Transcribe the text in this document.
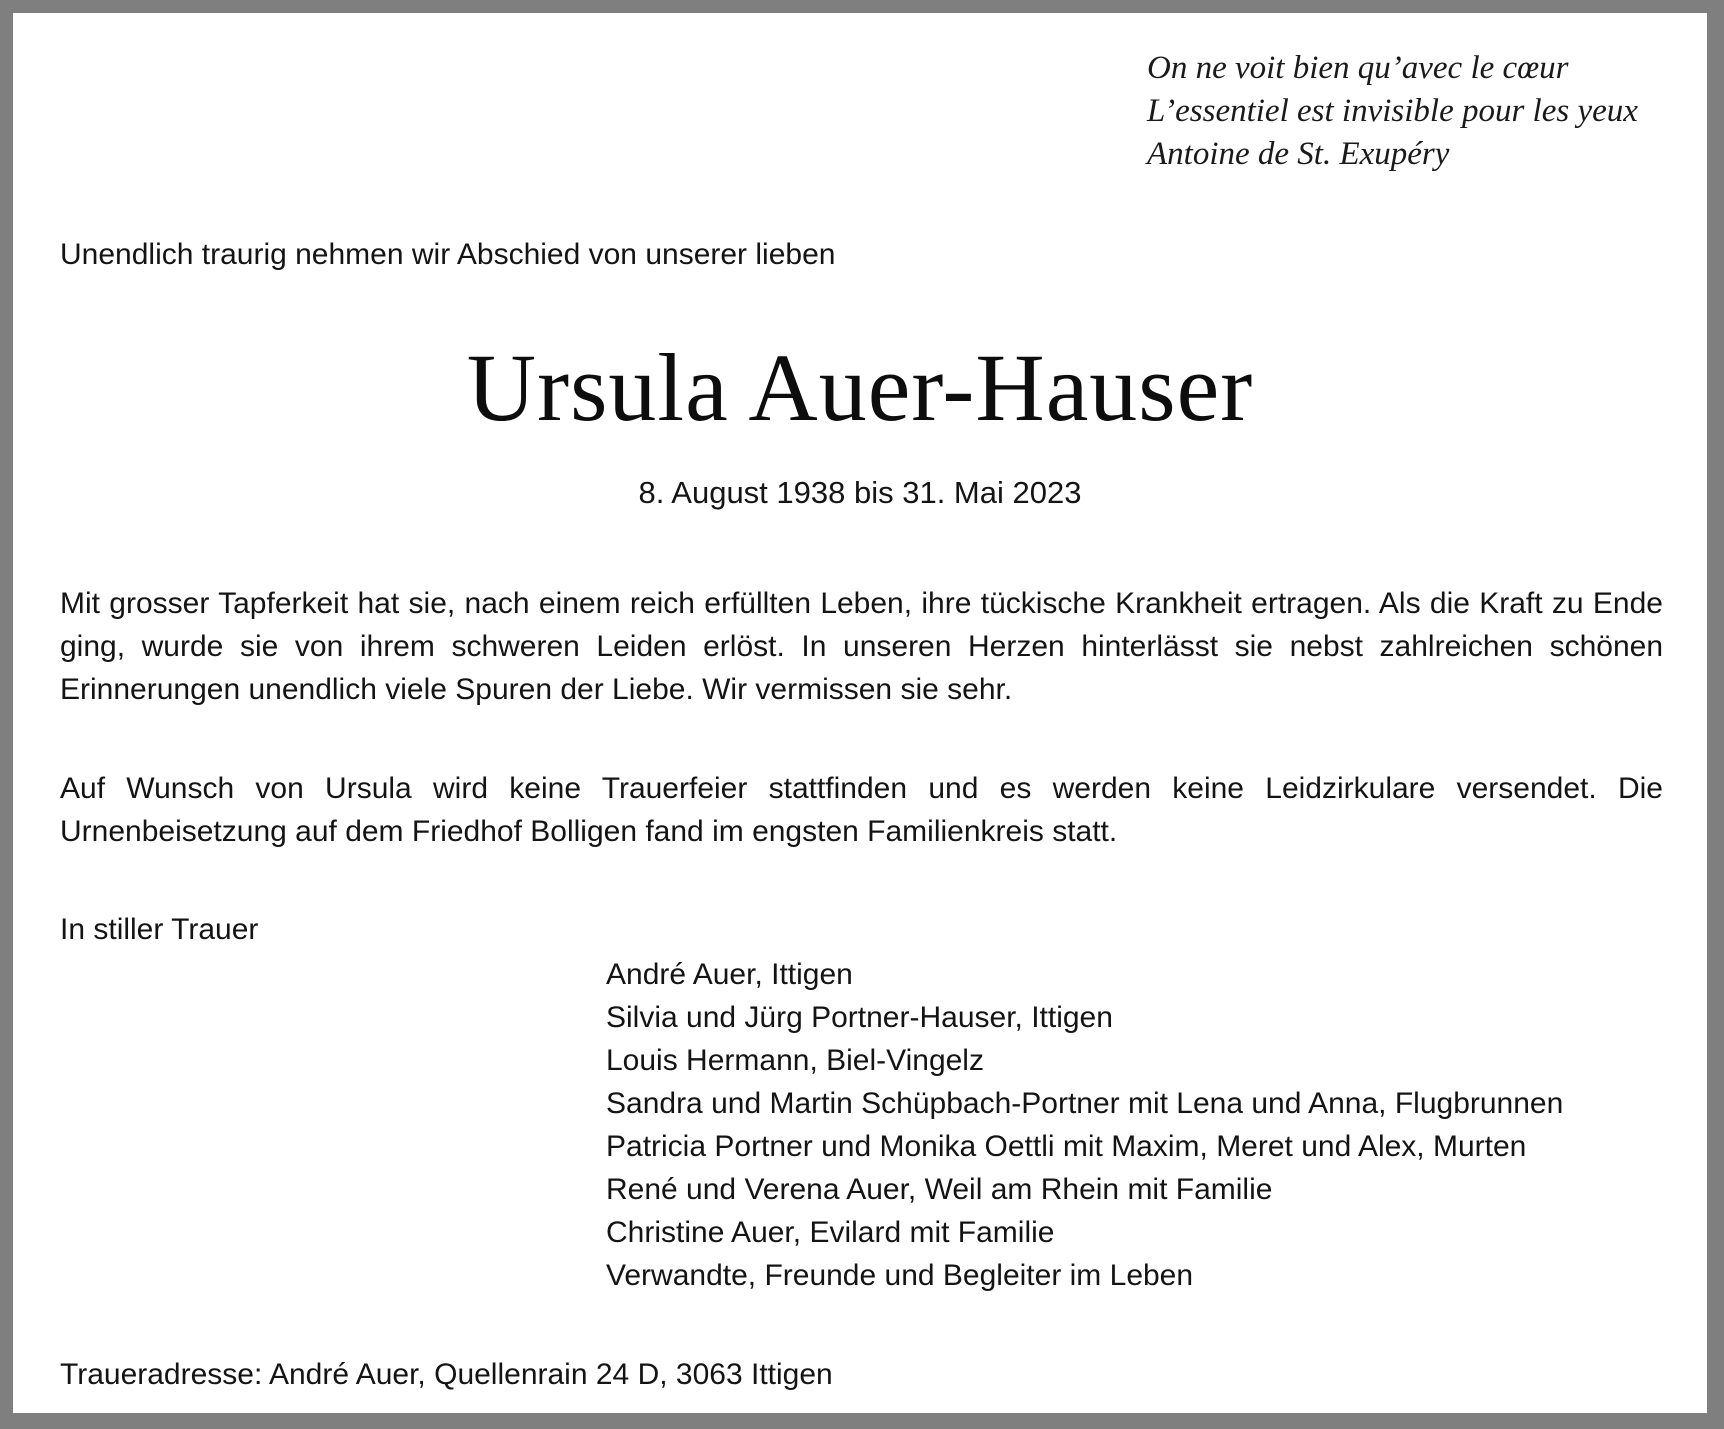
On ne voit bien qu’avec le cœur
L’essentiel est invisible pour les yeux
Antoine de St. Exupéry
Unendlich traurig nehmen wir Abschied von unserer lieben
Ursula Auer-Hauser
8. August 1938 bis 31. Mai 2023
Mit grosser Tapferkeit hat sie, nach einem reich erfüllten Leben, ihre tückische Krankheit ertragen. Als die Kraft zu Ende ging, wurde sie von ihrem schweren Leiden erlöst. In unseren Herzen hinterlässt sie nebst zahlreichen schönen Erinnerungen unendlich viele Spuren der Liebe. Wir vermissen sie sehr.
Auf Wunsch von Ursula wird keine Trauerfeier stattfinden und es werden keine Leidzirkulare versendet. Die Urnenbeisetzung auf dem Friedhof Bolligen fand im engsten Familienkreis statt.
In stiller Trauer
André Auer, Ittigen
Silvia und Jürg Portner-Hauser, Ittigen
Louis Hermann, Biel-Vingelz
Sandra und Martin Schüpbach-Portner mit Lena und Anna, Flugbrunnen
Patricia Portner und Monika Oettli mit Maxim, Meret und Alex, Murten
René und Verena Auer, Weil am Rhein mit Familie
Christine Auer, Evilard mit Familie
Verwandte, Freunde und Begleiter im Leben
Traueradresse: André Auer, Quellenrain 24 D, 3063 Ittigen
